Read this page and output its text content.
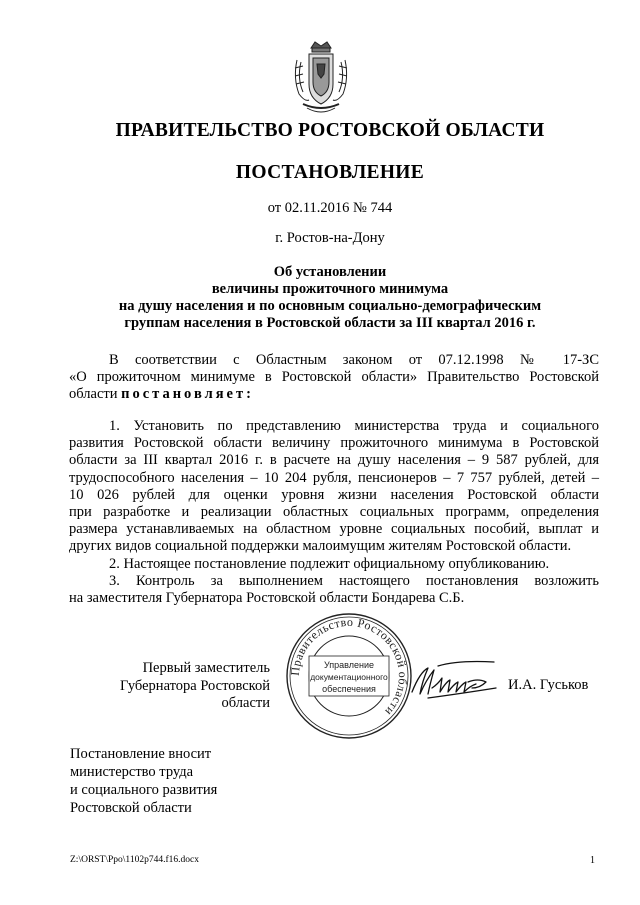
ПРАВИТЕЛЬСТВО РОСТОВСКОЙ ОБЛАСТИ
ПОСТАНОВЛЕНИЕ
от 02.11.2016 № 744
г. Ростов-на-Дону
Об установлении
величины прожиточного минимума
на душу населения и по основным социально-демографическим
группам населения в Ростовской области за III квартал 2016 г.
В соответствии с Областным законом от 07.12.1998 № 17-ЗС
«О прожиточном минимуме в Ростовской области» Правительство Ростовской
области постановляет:
1. Установить по представлению министерства труда и социального
развития Ростовской области величину прожиточного минимума в Ростовской
области за III квартал 2016 г. в расчете на душу населения – 9 587 рублей, для
трудоспособного населения – 10 204 рубля, пенсионеров – 7 757 рублей, детей –
10 026 рублей для оценки уровня жизни населения Ростовской области
при разработке и реализации областных социальных программ, определения
размера устанавливаемых на областном уровне социальных пособий, выплат и
других видов социальной поддержки малоимущим жителям Ростовской области.
2. Настоящее постановление подлежит официальному опубликованию.
3. Контроль за выполнением настоящего постановления возложить
на заместителя Губернатора Ростовской области Бондарева С.Б.
Первый заместитель
Губернатора Ростовской области
Правительство Ростовской области
Управление
документационного
обеспечения	И.А. Гуськов
Постановление вносит
министерство труда
и социального развития
Ростовской области
Z:\ORST\Ppo\1102p744.f16.docx	1
